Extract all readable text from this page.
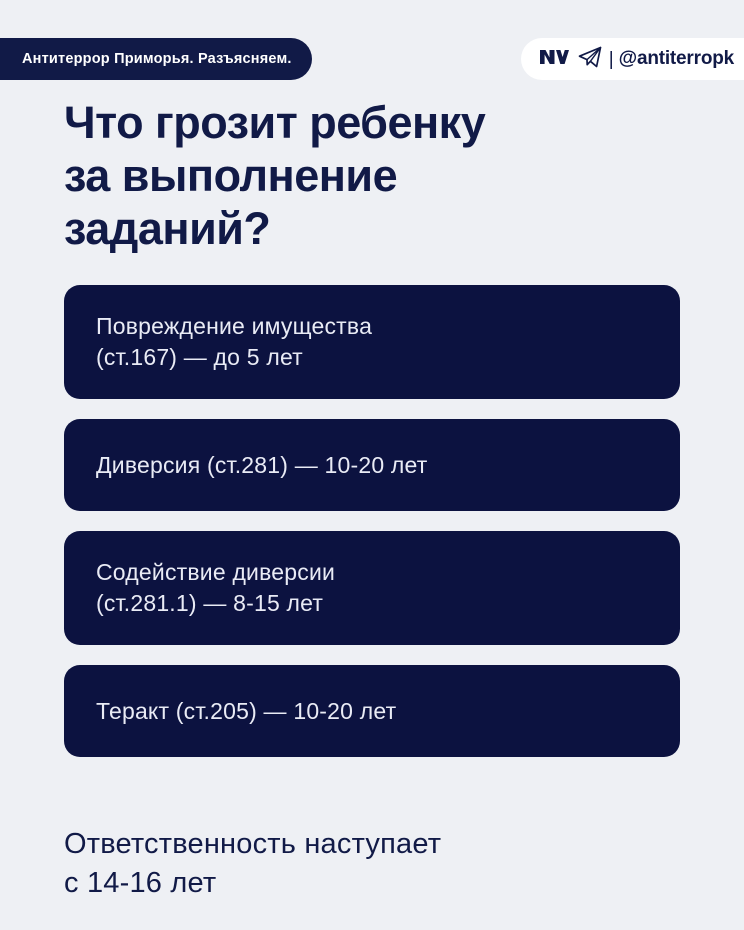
Антитеррор Приморья. Разъясняем.	| @antiterropk
Что грозит ребенку
за выполнение
заданий?
Повреждение имущества
(ст.167) — до 5 лет
Диверсия (ст.281) — 10-20 лет
Содействие диверсии
(ст.281.1) — 8-15 лет
Теракт (ст.205) — 10-20 лет
Ответственность наступает
с 14-16 лет
